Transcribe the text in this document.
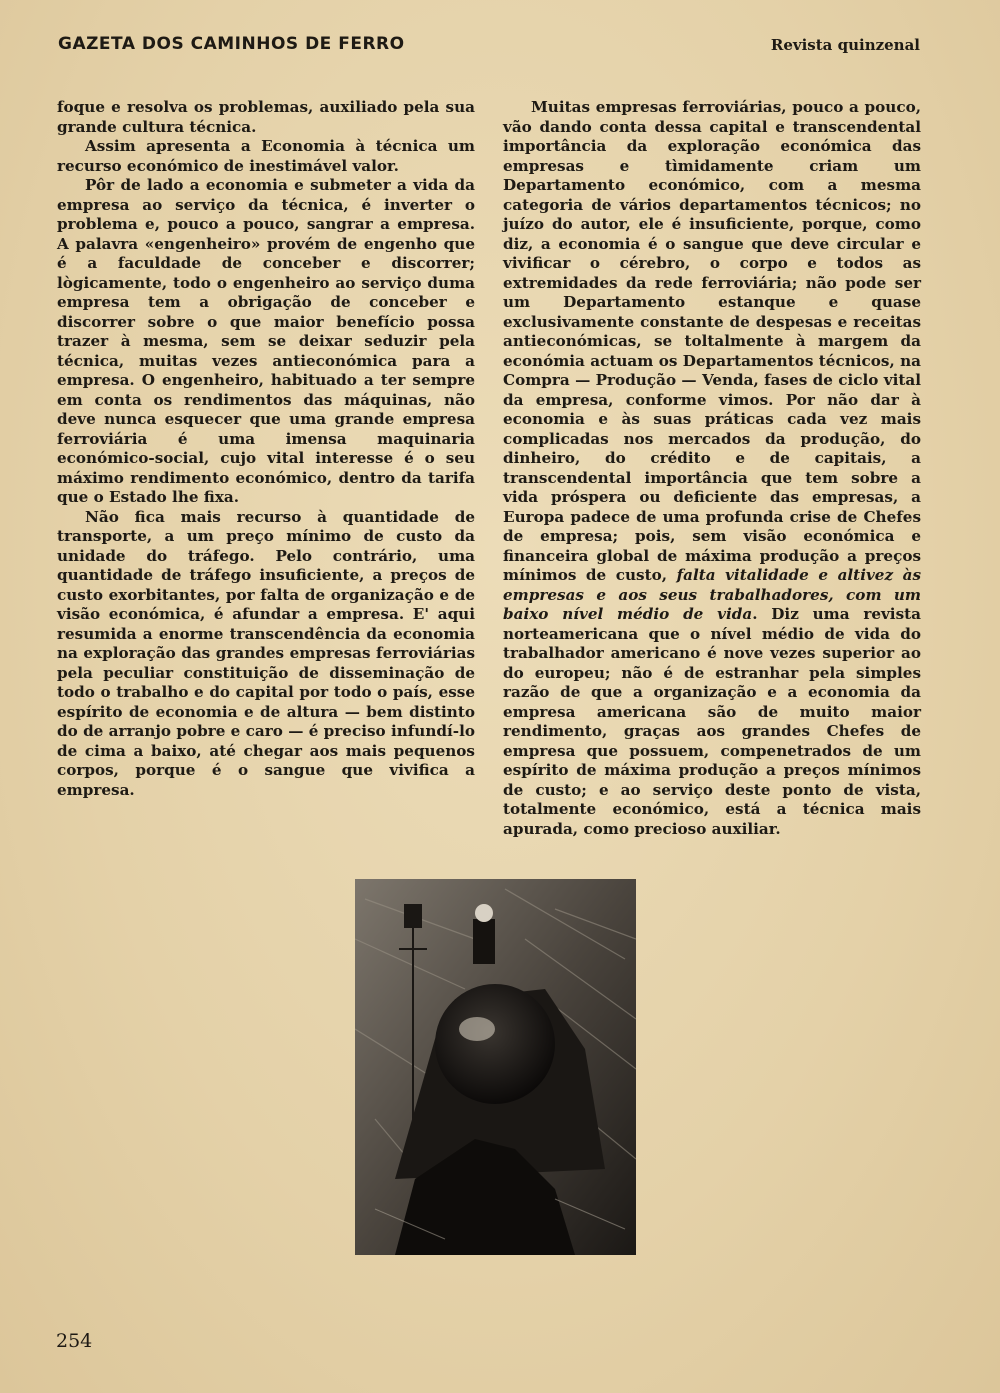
GAZETA DOS CAMINHOS DE FERRO	Revista quinzenal

foque e resolva os problemas, auxiliado pela sua grande cultura técnica.

Assim apresenta a Economia à técnica um recurso económico de inestimável valor.

Pôr de lado a economia e submeter a vida da empresa ao serviço da técnica, é inverter o problema e, pouco a pouco, sangrar a empresa. A palavra «engenheiro» provém de engenho que é a faculdade de conceber e discorrer; lògicamente, todo o engenheiro ao serviço duma empresa tem a obrigação de conceber e discorrer sobre o que maior benefício possa trazer à mesma, sem se deixar seduzir pela técnica, muitas vezes antieconómica para a empresa. O engenheiro, habituado a ter sempre em conta os rendimentos das máquinas, não deve nunca esquecer que uma grande empresa ferroviária é uma imensa maquinaria económico-social, cujo vital interesse é o seu máximo rendimento económico, dentro da tarifa que o Estado lhe fixa.

Não fica mais recurso à quantidade de transporte, a um preço mínimo de custo da unidade do tráfego. Pelo contrário, uma quantidade de tráfego insuficiente, a preços de custo exorbitantes, por falta de organização e de visão económica, é afundar a empresa. E' aqui resumida a enorme transcendência da economia na exploração das grandes empresas ferroviárias pela peculiar constituição de disseminação de todo o trabalho e do capital por todo o país, esse espírito de economia e de altura — bem distinto do de arranjo pobre e caro — é preciso infundí-lo de cima a baixo, até chegar aos mais pequenos corpos, porque é o sangue que vivifica a empresa.

Muitas empresas ferroviárias, pouco a pouco, vão dando conta dessa capital e transcendental importância da exploração económica das empresas e tìmidamente criam um Departamento económico, com a mesma categoria de vários departamentos técnicos; no juízo do autor, ele é insuficiente, porque, como diz, a economia é o sangue que deve circular e vivificar o cérebro, o corpo e todos as extremidades da rede ferroviária; não pode ser um Departamento estanque e quase exclusivamente constante de despesas e receitas antieconómicas, se toltalmente à margem da económia actuam os Departamentos técnicos, na Compra — Produção — Venda, fases de ciclo vital da empresa, conforme vimos. Por não dar à economia e às suas práticas cada vez mais complicadas nos mercados da produção, do dinheiro, do crédito e de capitais, a transcendental importância que tem sobre a vida próspera ou deficiente das empresas, a Europa padece de uma profunda crise de Chefes de empresa; pois, sem visão económica e financeira global de máxima produção a preços mínimos de custo, falta vitalidade e altivez às empresas e aos seus trabalhadores, com um baixo nível médio de vida. Diz uma revista norteamericana que o nível médio de vida do trabalhador americano é nove vezes superior ao do europeu; não é de estranhar pela simples razão de que a organização e a economia da empresa americana são de muito maior rendimento, graças aos grandes Chefes de empresa que possuem, compenetrados de um espírito de máxima produção a preços mínimos de custo; e ao serviço deste ponto de vista, totalmente económico, está a técnica mais apurada, como precioso auxiliar.

254
